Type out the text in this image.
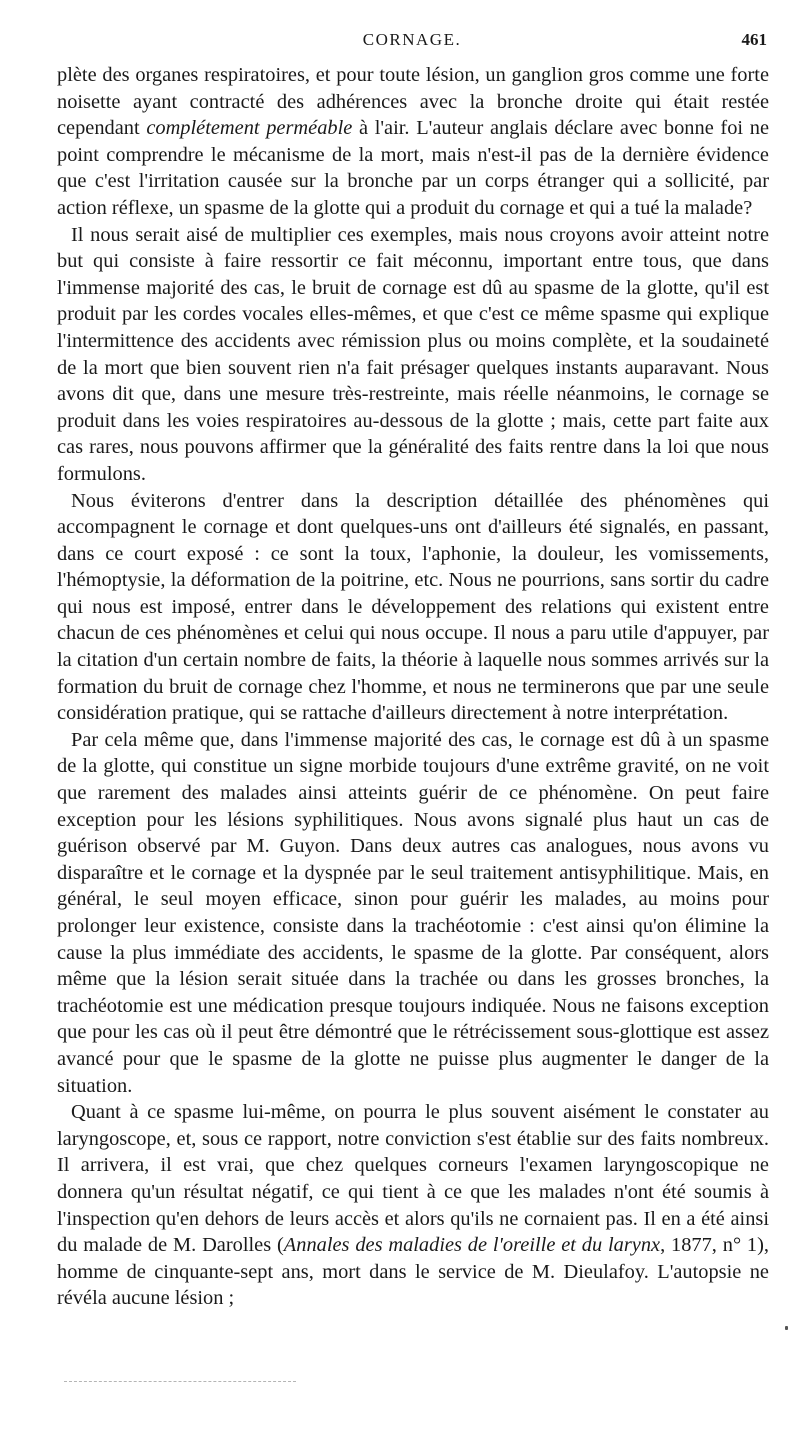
CORNAGE.	461

plète des organes respiratoires, et pour toute lésion, un ganglion gros comme une forte noisette ayant contracté des adhérences avec la bronche droite qui était restée cependant complétement perméable à l'air. L'auteur anglais déclare avec bonne foi ne point comprendre le mécanisme de la mort, mais n'est-il pas de la dernière évidence que c'est l'irritation causée sur la bronche par un corps étranger qui a sollicité, par action réflexe, un spasme de la glotte qui a produit du cornage et qui a tué la malade?

Il nous serait aisé de multiplier ces exemples, mais nous croyons avoir atteint notre but qui consiste à faire ressortir ce fait méconnu, important entre tous, que dans l'immense majorité des cas, le bruit de cornage est dû au spasme de la glotte, qu'il est produit par les cordes vocales elles-mêmes, et que c'est ce même spasme qui explique l'intermittence des accidents avec rémission plus ou moins complète, et la soudaineté de la mort que bien souvent rien n'a fait présager quelques instants auparavant. Nous avons dit que, dans une mesure très-restreinte, mais réelle néanmoins, le cornage se produit dans les voies respiratoires au-dessous de la glotte ; mais, cette part faite aux cas rares, nous pouvons affirmer que la généralité des faits rentre dans la loi que nous formulons.

Nous éviterons d'entrer dans la description détaillée des phénomènes qui accompagnent le cornage et dont quelques-uns ont d'ailleurs été signalés, en passant, dans ce court exposé : ce sont la toux, l'aphonie, la douleur, les vomissements, l'hémoptysie, la déformation de la poitrine, etc. Nous ne pourrions, sans sortir du cadre qui nous est imposé, entrer dans le développement des relations qui existent entre chacun de ces phénomènes et celui qui nous occupe. Il nous a paru utile d'appuyer, par la citation d'un certain nombre de faits, la théorie à laquelle nous sommes arrivés sur la formation du bruit de cornage chez l'homme, et nous ne terminerons que par une seule considération pratique, qui se rattache d'ailleurs directement à notre interprétation.

Par cela même que, dans l'immense majorité des cas, le cornage est dû à un spasme de la glotte, qui constitue un signe morbide toujours d'une extrême gravité, on ne voit que rarement des malades ainsi atteints guérir de ce phénomène. On peut faire exception pour les lésions syphilitiques. Nous avons signalé plus haut un cas de guérison observé par M. Guyon. Dans deux autres cas analogues, nous avons vu disparaître et le cornage et la dyspnée par le seul traitement antisyphilitique. Mais, en général, le seul moyen efficace, sinon pour guérir les malades, au moins pour prolonger leur existence, consiste dans la trachéotomie : c'est ainsi qu'on élimine la cause la plus immédiate des accidents, le spasme de la glotte. Par conséquent, alors même que la lésion serait située dans la trachée ou dans les grosses bronches, la trachéotomie est une médication presque toujours indiquée. Nous ne faisons exception que pour les cas où il peut être démontré que le rétrécissement sous-glottique est assez avancé pour que le spasme de la glotte ne puisse plus augmenter le danger de la situation.

Quant à ce spasme lui-même, on pourra le plus souvent aisément le constater au laryngoscope, et, sous ce rapport, notre conviction s'est établie sur des faits nombreux. Il arrivera, il est vrai, que chez quelques corneurs l'examen laryngoscopique ne donnera qu'un résultat négatif, ce qui tient à ce que les malades n'ont été soumis à l'inspection qu'en dehors de leurs accès et alors qu'ils ne cornaient pas. Il en a été ainsi du malade de M. Darolles (Annales des maladies de l'oreille et du larynx, 1877, n° 1), homme de cinquante-sept ans, mort dans le service de M. Dieulafoy. L'autopsie ne révéla aucune lésion ;
